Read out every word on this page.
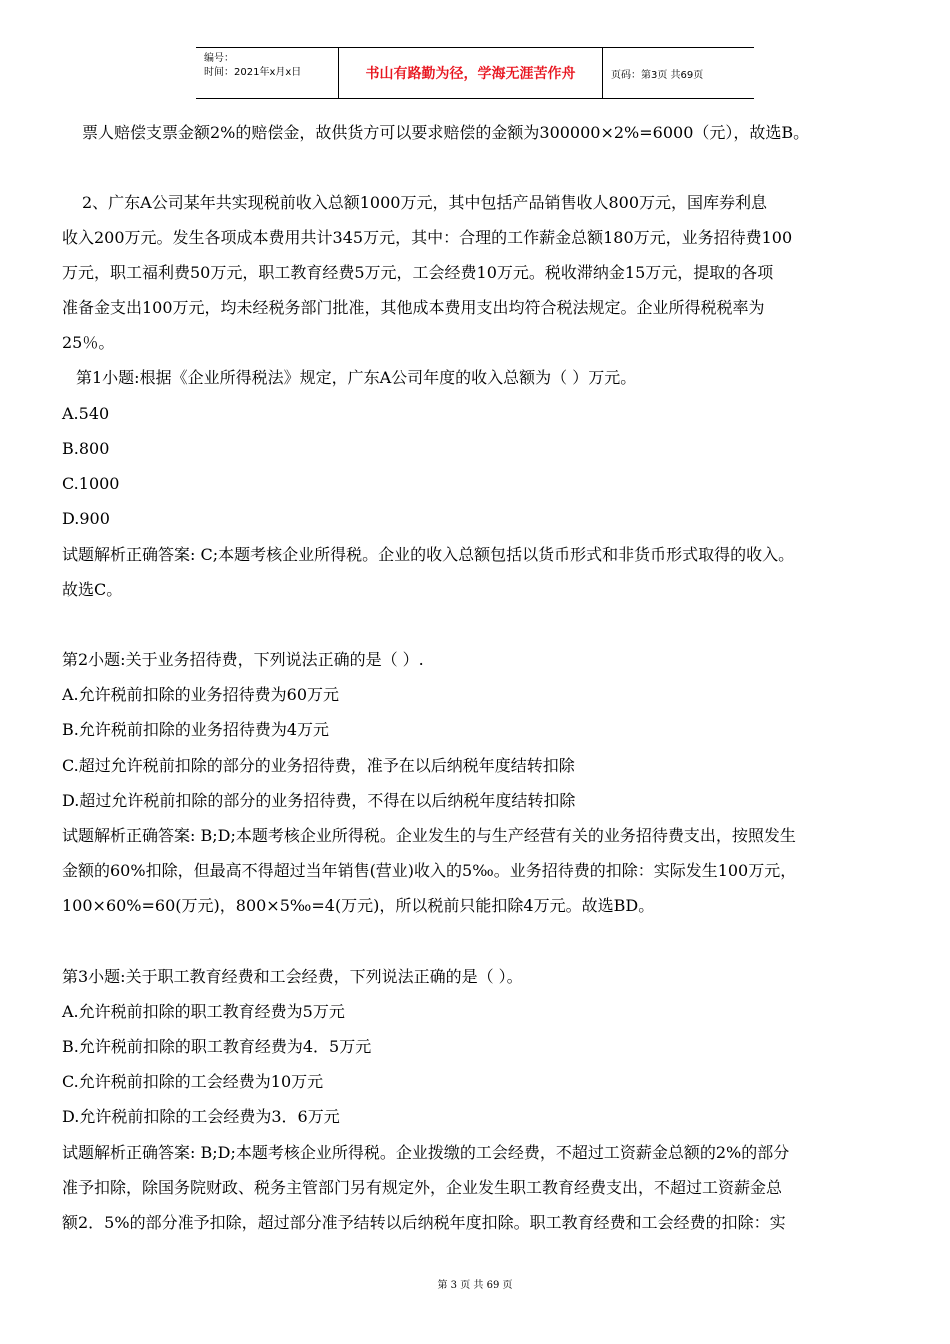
编号：
时间：2021年x月x日	书山有路勤为径，学海无涯苦作舟	页码：第3页 共69页
票人赔偿支票金额2%的赔偿金，故供货方可以要求赔偿的金额为300000×2%=6000（元），故选B。
2、广东A公司某年共实现税前收入总额1000万元，其中包括产品销售收人800万元，国库券利息
收入200万元。发生各项成本费用共计345万元，其中：合理的工作薪金总额180万元，业务招待费100
万元，职工福利费50万元，职工教育经费5万元，工会经费10万元。税收滞纳金15万元，提取的各项
准备金支出100万元，均未经税务部门批准，其他成本费用支出均符合税法规定。企业所得税税率为
25％。
第1小题:根据《企业所得税法》规定，广东A公司年度的收入总额为（ ）万元。
A.540
B.800
C.1000
D.900
试题解析正确答案: C;本题考核企业所得税。企业的收入总额包括以货币形式和非货币形式取得的收入。
故选C。
第2小题:关于业务招待费，下列说法正确的是（ ）.
A.允许税前扣除的业务招待费为60万元
B.允许税前扣除的业务招待费为4万元
C.超过允许税前扣除的部分的业务招待费，准予在以后纳税年度结转扣除
D.超过允许税前扣除的部分的业务招待费，不得在以后纳税年度结转扣除
试题解析正确答案: B;D;本题考核企业所得税。企业发生的与生产经营有关的业务招待费支出，按照发生
金额的60%扣除，但最高不得超过当年销售(营业)收入的5‰。业务招待费的扣除：实际发生100万元，
100×60%=60(万元)，800×5‰=4(万元)，所以税前只能扣除4万元。故选BD。
第3小题:关于职工教育经费和工会经费，下列说法正确的是（ ）。
A.允许税前扣除的职工教育经费为5万元
B.允许税前扣除的职工教育经费为4．5万元
C.允许税前扣除的工会经费为10万元
D.允许税前扣除的工会经费为3．6万元
试题解析正确答案: B;D;本题考核企业所得税。企业拨缴的工会经费，不超过工资薪金总额的2%的部分
准予扣除，除国务院财政、税务主管部门另有规定外，企业发生职工教育经费支出，不超过工资薪金总
额2．5%的部分准予扣除，超过部分准予结转以后纳税年度扣除。职工教育经费和工会经费的扣除：实
第 3 页 共 69 页
